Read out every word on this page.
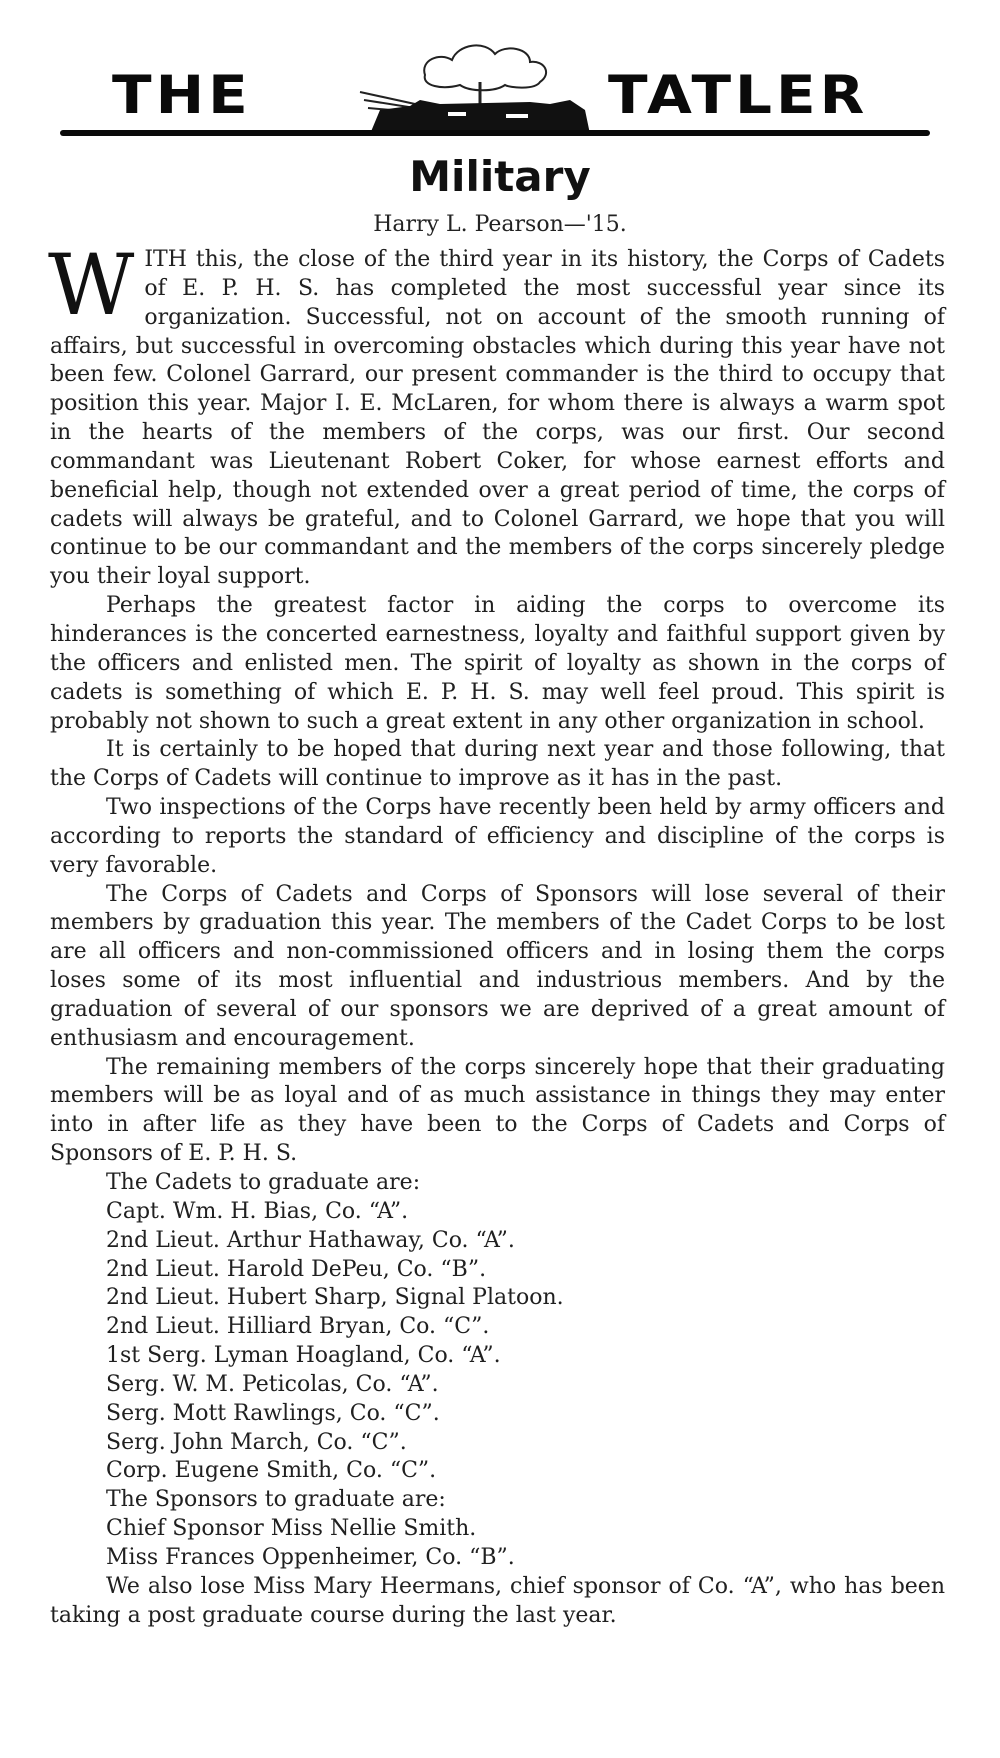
THE	TATLER
Military
Harry L. Pearson—'15.

WITH this, the close of the third year in its history, the Corps of Cadets of E. P. H. S. has completed the most successful year since its organization. Successful, not on account of the smooth running of affairs, but successful in overcoming obstacles which during this year have not been few. Colonel Garrard, our present commander is the third to occupy that position this year. Major I. E. McLaren, for whom there is always a warm spot in the hearts of the members of the corps, was our first. Our second commandant was Lieutenant Robert Coker, for whose earnest efforts and beneficial help, though not extended over a great period of time, the corps of cadets will always be grateful, and to Colonel Garrard, we hope that you will continue to be our commandant and the members of the corps sincerely pledge you their loyal support.

Perhaps the greatest factor in aiding the corps to overcome its hinderances is the concerted earnestness, loyalty and faithful support given by the officers and enlisted men. The spirit of loyalty as shown in the corps of cadets is something of which E. P. H. S. may well feel proud. This spirit is probably not shown to such a great extent in any other organization in school.

It is certainly to be hoped that during next year and those following, that the Corps of Cadets will continue to improve as it has in the past.

Two inspections of the Corps have recently been held by army officers and according to reports the standard of efficiency and discipline of the corps is very favorable.

The Corps of Cadets and Corps of Sponsors will lose several of their members by graduation this year. The members of the Cadet Corps to be lost are all officers and non-commissioned officers and in losing them the corps loses some of its most influential and industrious members. And by the graduation of several of our sponsors we are deprived of a great amount of enthusiasm and encouragement.

The remaining members of the corps sincerely hope that their graduating members will be as loyal and of as much assistance in things they may enter into in after life as they have been to the Corps of Cadets and Corps of Sponsors of E. P. H. S.

The Cadets to graduate are:
Capt. Wm. H. Bias, Co. “A”.
2nd Lieut. Arthur Hathaway, Co. “A”.
2nd Lieut. Harold DePeu, Co. “B”.
2nd Lieut. Hubert Sharp, Signal Platoon.
2nd Lieut. Hilliard Bryan, Co. “C”.
1st Serg. Lyman Hoagland, Co. “A”.
Serg. W. M. Peticolas, Co. “A”.
Serg. Mott Rawlings, Co. “C”.
Serg. John March, Co. “C”.
Corp. Eugene Smith, Co. “C”.
The Sponsors to graduate are:
Chief Sponsor Miss Nellie Smith.
Miss Frances Oppenheimer, Co. “B”.

We also lose Miss Mary Heermans, chief sponsor of Co. “A”, who has been taking a post graduate course during the last year.
